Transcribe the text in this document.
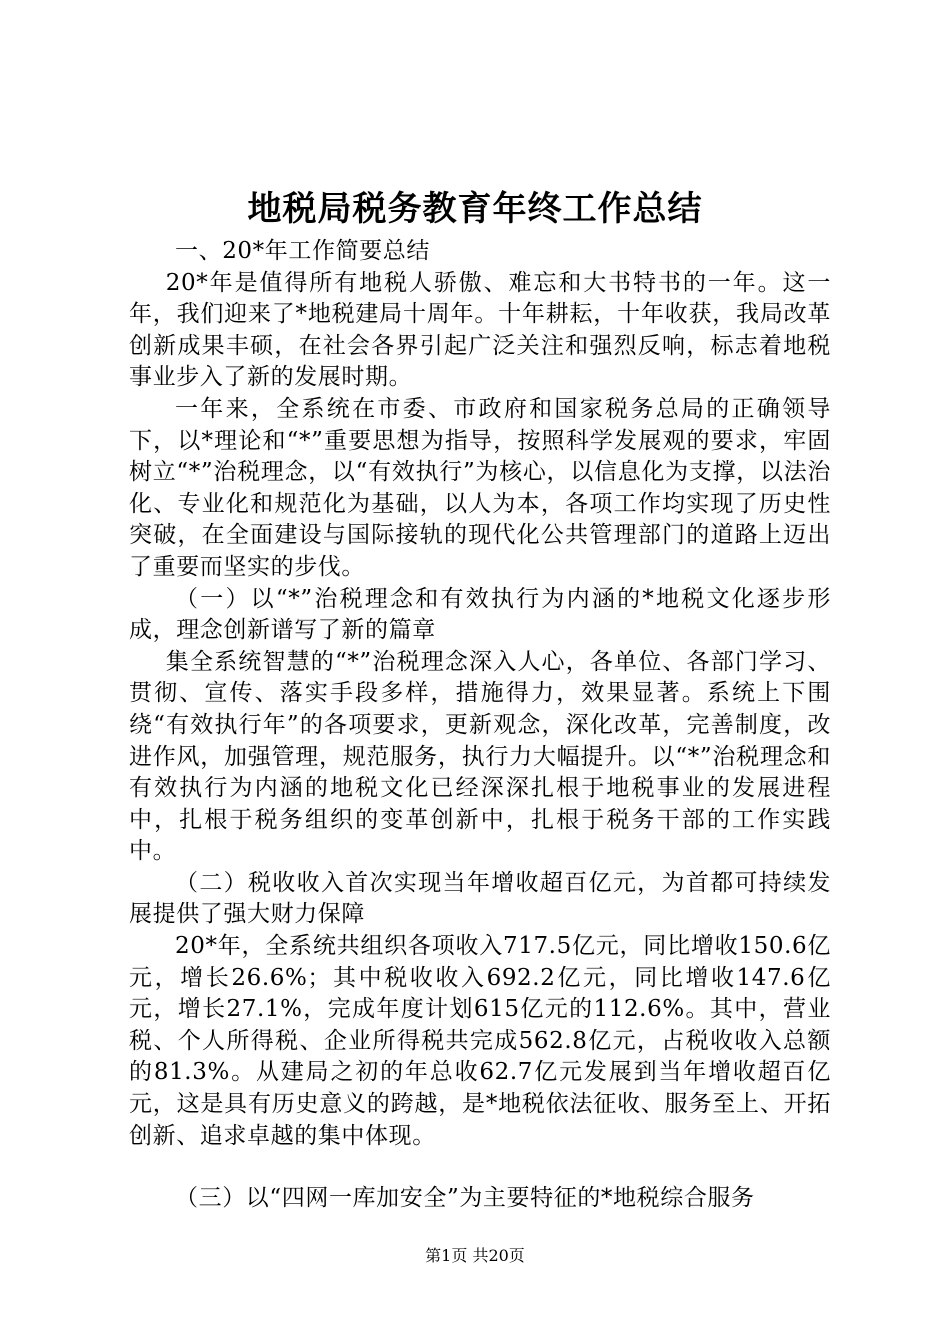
地税局税务教育年终工作总结

一、20*年工作简要总结

20*年是值得所有地税人骄傲、难忘和大书特书的一年。这一年，我们迎来了*地税建局十周年。十年耕耘，十年收获，我局改革创新成果丰硕，在社会各界引起广泛关注和强烈反响，标志着地税事业步入了新的发展时期。

一年来，全系统在市委、市政府和国家税务总局的正确领导下，以*理论和“*”重要思想为指导，按照科学发展观的要求，牢固树立“*”治税理念，以“有效执行”为核心，以信息化为支撑，以法治化、专业化和规范化为基础，以人为本，各项工作均实现了历史性突破，在全面建设与国际接轨的现代化公共管理部门的道路上迈出了重要而坚实的步伐。

（一）以“*”治税理念和有效执行为内涵的*地税文化逐步形成，理念创新谱写了新的篇章

集全系统智慧的“*”治税理念深入人心，各单位、各部门学习、贯彻、宣传、落实手段多样，措施得力，效果显著。系统上下围绕“有效执行年”的各项要求，更新观念，深化改革，完善制度，改进作风，加强管理，规范服务，执行力大幅提升。以“*”治税理念和有效执行为内涵的地税文化已经深深扎根于地税事业的发展进程中，扎根于税务组织的变革创新中，扎根于税务干部的工作实践中。

（二）税收收入首次实现当年增收超百亿元，为首都可持续发展提供了强大财力保障

20*年，全系统共组织各项收入717.5亿元，同比增收150.6亿元，增长26.6%；其中税收收入692.2亿元，同比增收147.6亿元，增长27.1%，完成年度计划615亿元的112.6%。其中，营业税、个人所得税、企业所得税共完成562.8亿元，占税收收入总额的81.3%。从建局之初的年总收62.7亿元发展到当年增收超百亿元，这是具有历史意义的跨越，是*地税依法征收、服务至上、开拓创新、追求卓越的集中体现。

（三）以“四网一库加安全”为主要特征的*地税综合服务

第1页 共20页
